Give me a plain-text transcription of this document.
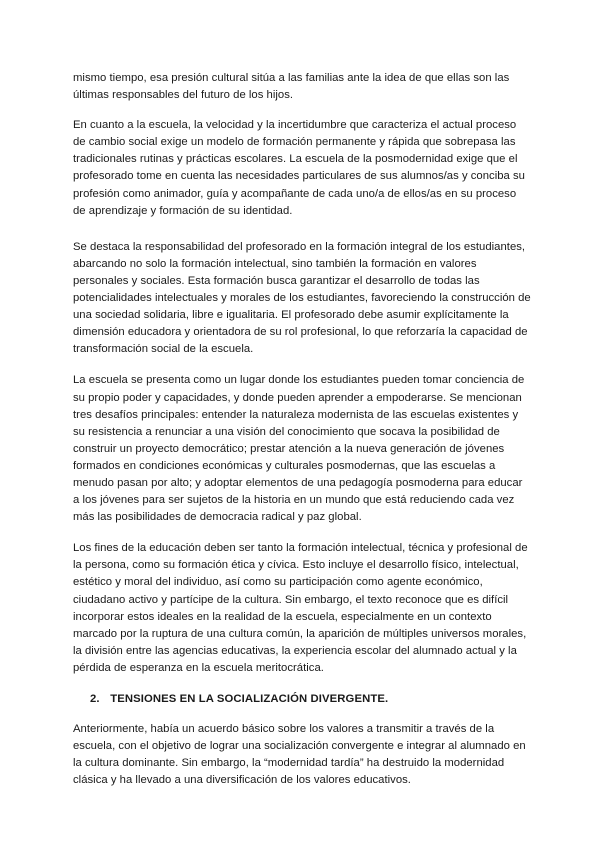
mismo tiempo, esa presión cultural sitúa a las familias ante la idea de que ellas son las últimas responsables del futuro de los hijos.

En cuanto a la escuela, la velocidad y la incertidumbre que caracteriza el actual proceso de cambio social exige un modelo de formación permanente y rápida que sobrepasa las tradicionales rutinas y prácticas escolares. La escuela de la posmodernidad exige que el profesorado tome en cuenta las necesidades particulares de sus alumnos/as y conciba su profesión como animador, guía y acompañante de cada uno/a de ellos/as en su proceso de aprendizaje y formación de su identidad.

Se destaca la responsabilidad del profesorado en la formación integral de los estudiantes, abarcando no solo la formación intelectual, sino también la formación en valores personales y sociales. Esta formación busca garantizar el desarrollo de todas las potencialidades intelectuales y morales de los estudiantes, favoreciendo la construcción de una sociedad solidaria, libre e igualitaria. El profesorado debe asumir explícitamente la dimensión educadora y orientadora de su rol profesional, lo que reforzaría la capacidad de transformación social de la escuela.

La escuela se presenta como un lugar donde los estudiantes pueden tomar conciencia de su propio poder y capacidades, y donde pueden aprender a empoderarse. Se mencionan tres desafíos principales: entender la naturaleza modernista de las escuelas existentes y su resistencia a renunciar a una visión del conocimiento que socava la posibilidad de construir un proyecto democrático; prestar atención a la nueva generación de jóvenes formados en condiciones económicas y culturales posmodernas, que las escuelas a menudo pasan por alto; y adoptar elementos de una pedagogía posmoderna para educar a los jóvenes para ser sujetos de la historia en un mundo que está reduciendo cada vez más las posibilidades de democracia radical y paz global.

Los fines de la educación deben ser tanto la formación intelectual, técnica y profesional de la persona, como su formación ética y cívica. Esto incluye el desarrollo físico, intelectual, estético y moral del individuo, así como su participación como agente económico, ciudadano activo y partícipe de la cultura. Sin embargo, el texto reconoce que es difícil incorporar estos ideales en la realidad de la escuela, especialmente en un contexto marcado por la ruptura de una cultura común, la aparición de múltiples universos morales, la división entre las agencias educativas, la experiencia escolar del alumnado actual y la pérdida de esperanza en la escuela meritocrática.

2. TENSIONES EN LA SOCIALIZACIÓN DIVERGENTE.

Anteriormente, había un acuerdo básico sobre los valores a transmitir a través de la escuela, con el objetivo de lograr una socialización convergente e integrar al alumnado en la cultura dominante. Sin embargo, la “modernidad tardía” ha destruido la modernidad clásica y ha llevado a una diversificación de los valores educativos.
